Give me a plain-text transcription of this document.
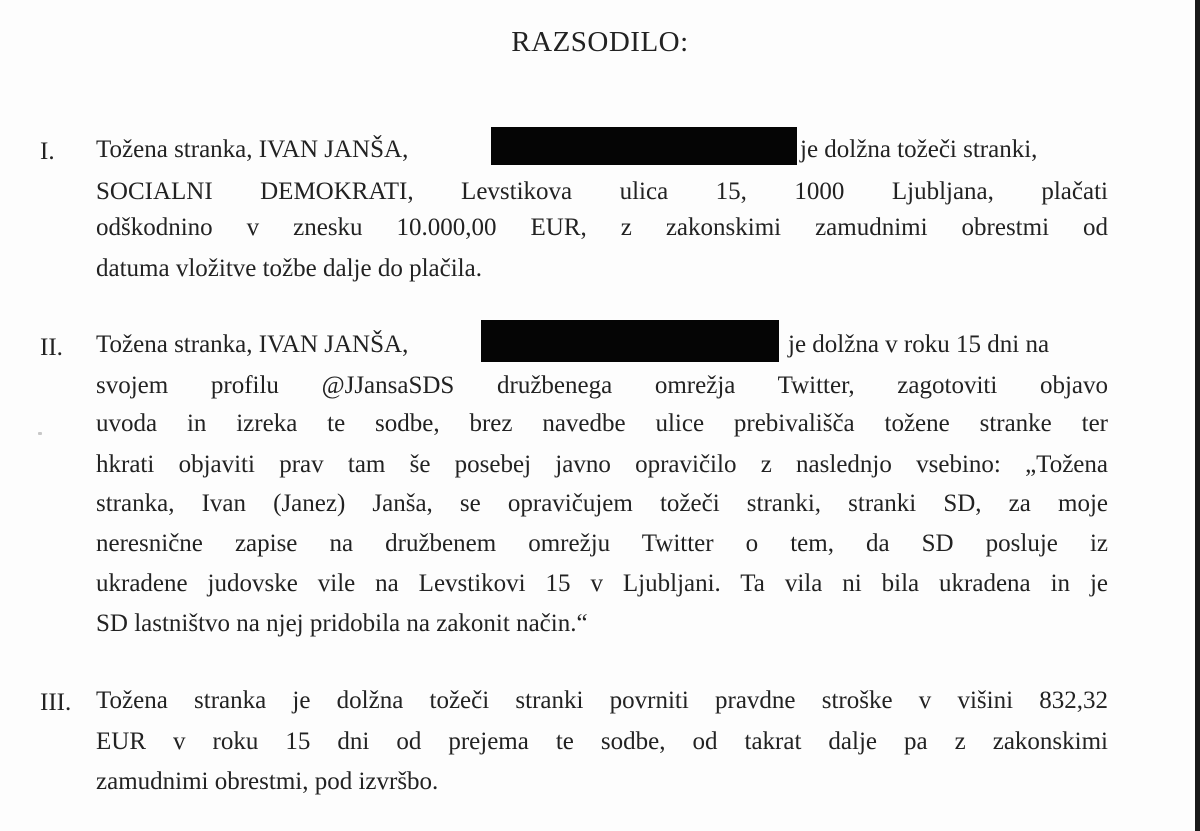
RAZSODILO:
I. Tožena stranka, IVAN JANŠA,	je dolžna tožeči stranki,
SOCIALNI DEMOKRATI, Levstikova ulica 15, 1000 Ljubljana, plačati
odškodnino v znesku 10.000,00 EUR, z zakonskimi zamudnimi obrestmi od
datuma vložitve tožbe dalje do plačila.
II. Tožena stranka, IVAN JANŠA,	je dolžna v roku 15 dni na
svojem profilu @JJansaSDS družbenega omrežja Twitter, zagotoviti objavo
uvoda in izreka te sodbe, brez navedbe ulice prebivališča tožene stranke ter
hkrati objaviti prav tam še posebej javno opravičilo z naslednjo vsebino: „Tožena
stranka, Ivan (Janez) Janša, se opravičujem tožeči stranki, stranki SD, za moje
neresnične zapise na družbenem omrežju Twitter o tem, da SD posluje iz
ukradene judovske vile na Levstikovi 15 v Ljubljani. Ta vila ni bila ukradena in je
SD lastništvo na njej pridobila na zakonit način.“
III. Tožena stranka je dolžna tožeči stranki povrniti pravdne stroške v višini 832,32
EUR v roku 15 dni od prejema te sodbe, od takrat dalje pa z zakonskimi
zamudnimi obrestmi, pod izvršbo.
